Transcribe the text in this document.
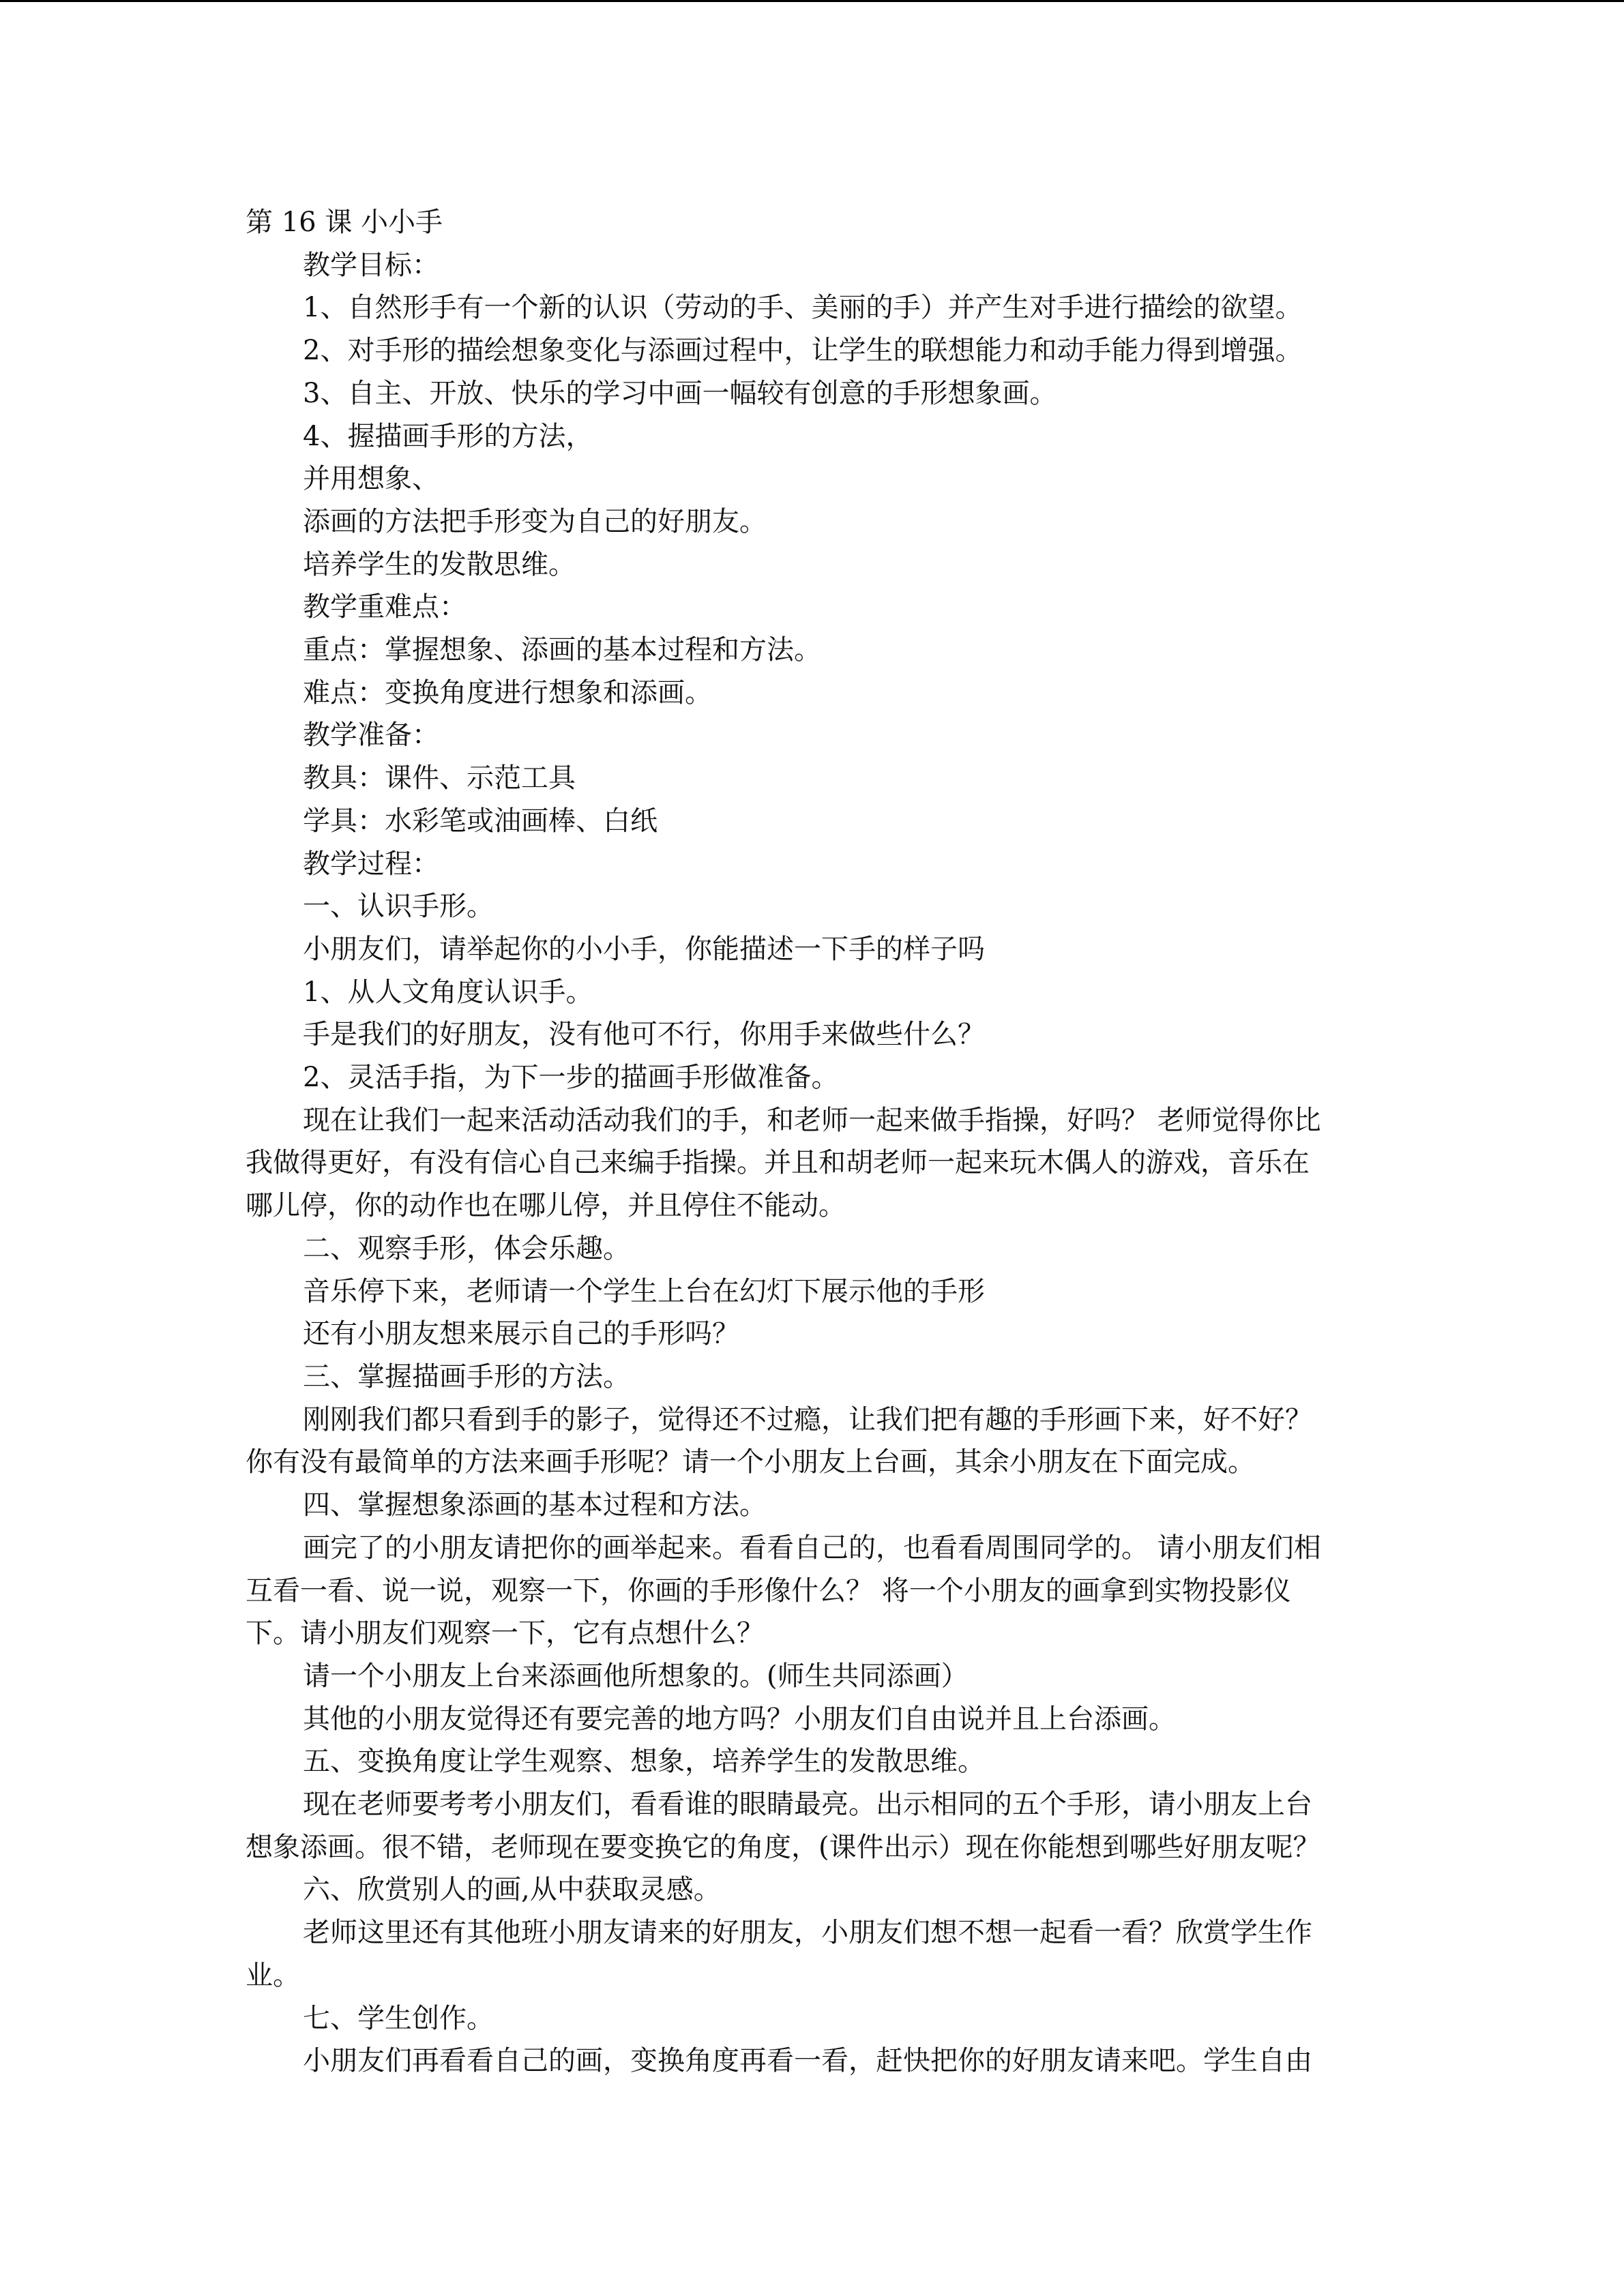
第 16 课 小小手

教学目标：

1、自然形手有一个新的认识（劳动的手、美丽的手）并产生对手进行描绘的欲望。

2、对手形的描绘想象变化与添画过程中，让学生的联想能力和动手能力得到增强。

3、自主、开放、快乐的学习中画一幅较有创意的手形想象画。

4、握描画手形的方法，

并用想象、

添画的方法把手形变为自己的好朋友。

培养学生的发散思维。

教学重难点：

重点：掌握想象、添画的基本过程和方法。

难点：变换角度进行想象和添画。

教学准备：

教具：课件、示范工具

学具：水彩笔或油画棒、白纸

教学过程：

一、认识手形。

小朋友们，请举起你的小小手，你能描述一下手的样子吗

1、从人文角度认识手。

手是我们的好朋友，没有他可不行，你用手来做些什么？

2、灵活手指，为下一步的描画手形做准备。

现在让我们一起来活动活动我们的手，和老师一起来做手指操，好吗？ 老师觉得你比

我做得更好，有没有信心自己来编手指操。并且和胡老师一起来玩木偶人的游戏，音乐在

哪儿停，你的动作也在哪儿停，并且停住不能动。

二、观察手形，体会乐趣。

音乐停下来，老师请一个学生上台在幻灯下展示他的手形

还有小朋友想来展示自己的手形吗？

三、掌握描画手形的方法。

刚刚我们都只看到手的影子，觉得还不过瘾，让我们把有趣的手形画下来，好不好？

你有没有最简单的方法来画手形呢？请一个小朋友上台画，其余小朋友在下面完成。

四、掌握想象添画的基本过程和方法。

画完了的小朋友请把你的画举起来。看看自己的，也看看周围同学的。 请小朋友们相

互看一看、说一说，观察一下，你画的手形像什么？ 将一个小朋友的画拿到实物投影仪

下。请小朋友们观察一下，它有点想什么？

请一个小朋友上台来添画他所想象的。(师生共同添画）

其他的小朋友觉得还有要完善的地方吗？小朋友们自由说并且上台添画。

五、变换角度让学生观察、想象，培养学生的发散思维。

现在老师要考考小朋友们，看看谁的眼睛最亮。出示相同的五个手形，请小朋友上台

想象添画。很不错，老师现在要变换它的角度，(课件出示）现在你能想到哪些好朋友呢？

六、欣赏别人的画,从中获取灵感。

老师这里还有其他班小朋友请来的好朋友，小朋友们想不想一起看一看？欣赏学生作

业。

七、学生创作。

小朋友们再看看自己的画，变换角度再看一看，赶快把你的好朋友请来吧。学生自由
